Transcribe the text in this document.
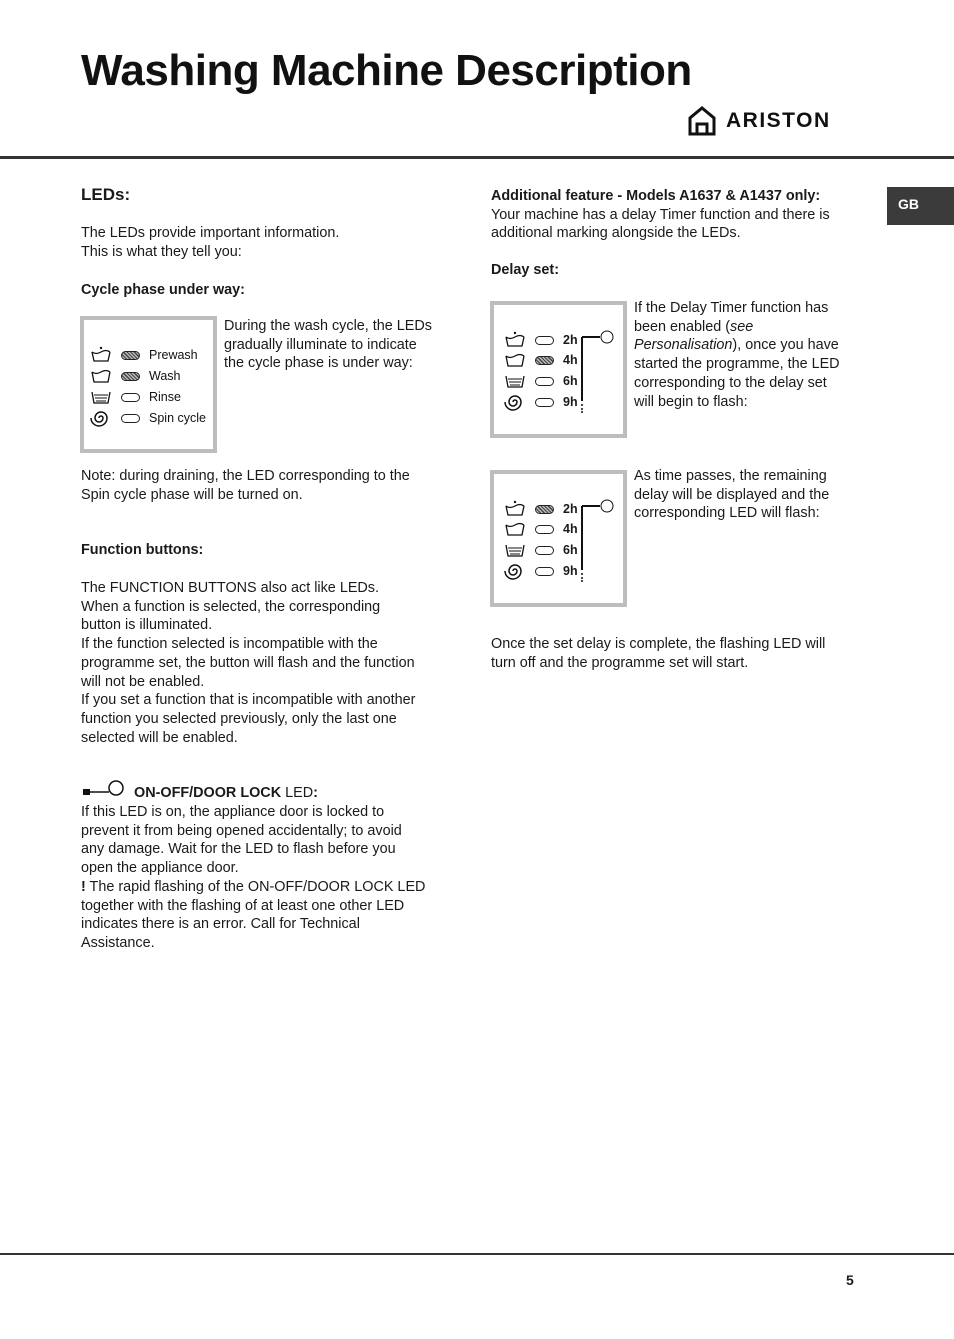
Washing Machine Description
ARISTON
GB
LEDs:

The LEDs provide important information.

This is what they tell you:

Cycle phase under way:

Prewash
Wash
Rinse
Spin cycle

During the wash cycle, the LEDs

gradually illuminate to indicate

the cycle phase is under way:

Note: during draining, the LED corresponding to the

Spin cycle phase will be turned on.

Function buttons:

The FUNCTION BUTTONS also act like LEDs.

When a function is selected, the corresponding

button is illuminated.

If the function selected is incompatible with the

programme set, the button will flash and the function

will not be enabled.

If you set a function that is incompatible with another

function you selected previously, only the last one

selected will be enabled.

ON-OFF/DOOR LOCK LED:

If this LED is on, the appliance door is locked to

prevent it from being opened accidentally; to avoid

any damage. Wait for the LED to flash before you

open the appliance door.

! The rapid flashing of the ON-OFF/DOOR LOCK LED

together with the flashing of at least one other LED

indicates there is an error. Call for Technical

Assistance.

Additional feature - Models A1637 & A1437 only:

Your machine has a delay Timer function and there is

additional marking alongside the LEDs.

Delay set:

2h
4h
6h
9h

If the Delay Timer function has

been enabled (see

Personalisation), once you have

started the programme, the LED

corresponding to the delay set

will begin to flash:

2h
4h
6h
9h

As time passes, the remaining

delay will be displayed and the

corresponding LED will flash:

Once the set delay is complete, the flashing LED will

turn off and the programme set will start.

5
